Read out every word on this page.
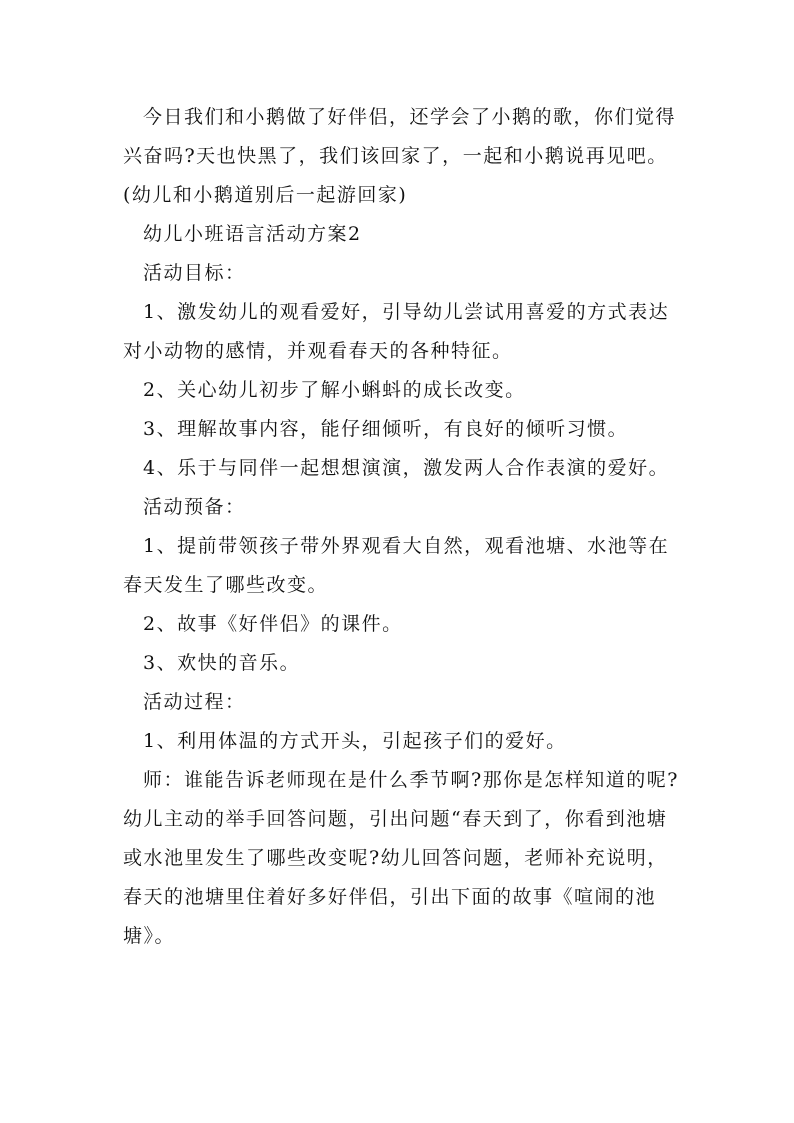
今日我们和小鹅做了好伴侣，还学会了小鹅的歌，你们觉得兴奋吗?天也快黑了，我们该回家了，一起和小鹅说再见吧。(幼儿和小鹅道别后一起游回家)

幼儿小班语言活动方案2

活动目标：

1、激发幼儿的观看爱好，引导幼儿尝试用喜爱的方式表达对小动物的感情，并观看春天的各种特征。

2、关心幼儿初步了解小蝌蚪的成长改变。

3、理解故事内容，能仔细倾听，有良好的倾听习惯。

4、乐于与同伴一起想想演演，激发两人合作表演的爱好。

活动预备：

1、提前带领孩子带外界观看大自然，观看池塘、水池等在春天发生了哪些改变。

2、故事《好伴侣》的课件。

3、欢快的音乐。

活动过程：

1、利用体温的方式开头，引起孩子们的爱好。

师：谁能告诉老师现在是什么季节啊?那你是怎样知道的呢?幼儿主动的举手回答问题，引出问题“春天到了，你看到池塘或水池里发生了哪些改变呢?幼儿回答问题，老师补充说明，春天的池塘里住着好多好伴侣，引出下面的故事《喧闹的池塘》。
